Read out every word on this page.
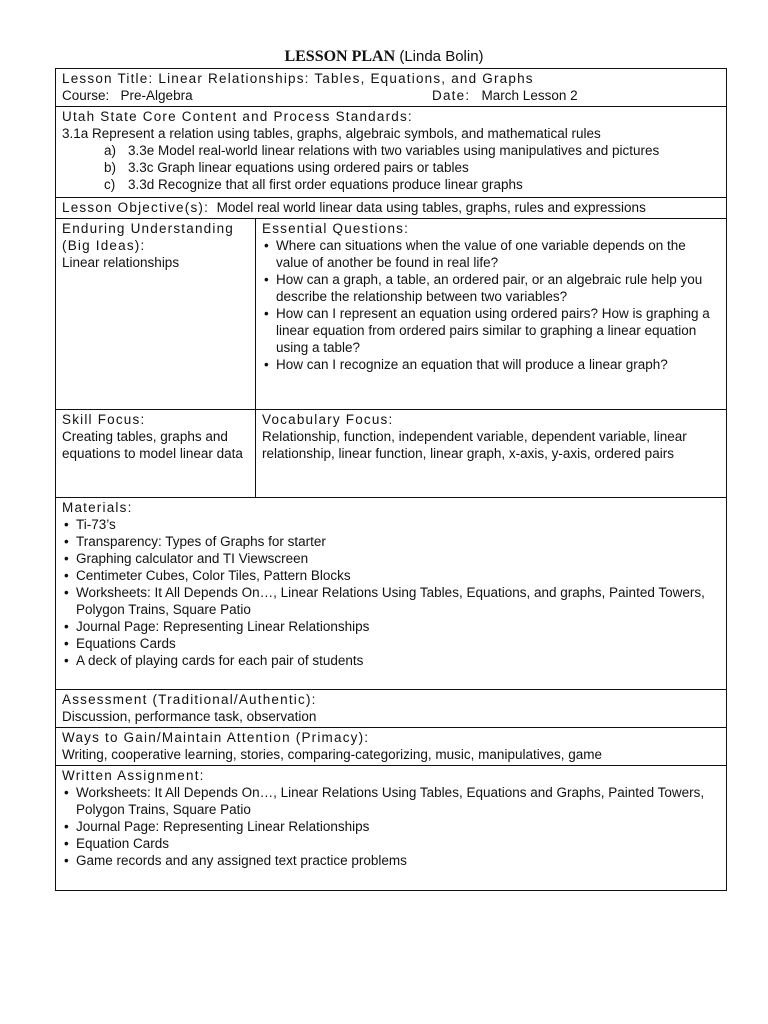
LESSON PLAN (Linda Bolin)
Lesson Title: Linear Relationships: Tables, Equations, and Graphs
Course: Pre-Algebra	Date: March Lesson 2
Utah State Core Content and Process Standards:
3.1a Represent a relation using tables, graphs, algebraic symbols, and mathematical rules
a) 3.3e Model real-world linear relations with two variables using manipulatives and pictures
b) 3.3c Graph linear equations using ordered pairs or tables
c) 3.3d Recognize that all first order equations produce linear graphs
Lesson Objective(s): Model real world linear data using tables, graphs, rules and expressions
Enduring Understanding (Big Ideas):
Linear relationships
Essential Questions:
• Where can situations when the value of one variable depends on the value of another be found in real life?
• How can a graph, a table, an ordered pair, or an algebraic rule help you describe the relationship between two variables?
• How can I represent an equation using ordered pairs? How is graphing a linear equation from ordered pairs similar to graphing a linear equation using a table?
• How can I recognize an equation that will produce a linear graph?
Skill Focus:
Creating tables, graphs and equations to model linear data
Vocabulary Focus:
Relationship, function, independent variable, dependent variable, linear relationship, linear function, linear graph, x-axis, y-axis, ordered pairs
Materials:
• Ti-73’s
• Transparency: Types of Graphs for starter
• Graphing calculator and TI Viewscreen
• Centimeter Cubes, Color Tiles, Pattern Blocks
• Worksheets: It All Depends On…, Linear Relations Using Tables, Equations, and graphs, Painted Towers, Polygon Trains, Square Patio
• Journal Page: Representing Linear Relationships
• Equations Cards
• A deck of playing cards for each pair of students
Assessment (Traditional/Authentic):
Discussion, performance task, observation
Ways to Gain/Maintain Attention (Primacy):
Writing, cooperative learning, stories, comparing-categorizing, music, manipulatives, game
Written Assignment:
• Worksheets: It All Depends On…, Linear Relations Using Tables, Equations and Graphs, Painted Towers, Polygon Trains, Square Patio
• Journal Page: Representing Linear Relationships
• Equation Cards
• Game records and any assigned text practice problems
